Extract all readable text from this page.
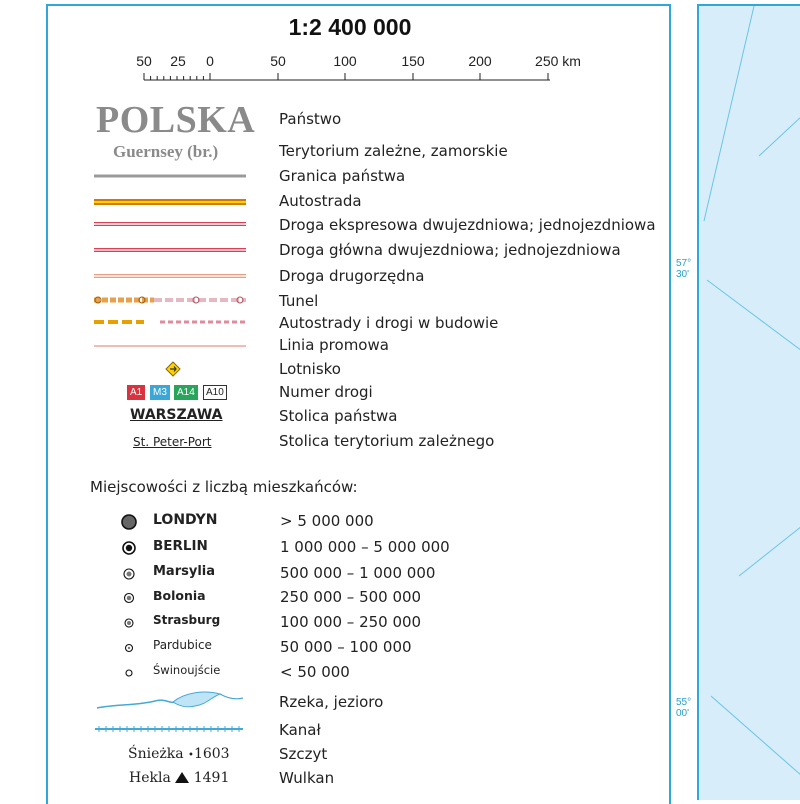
57°
30'
55°
00'
1:2 400 000
50 25 0	50	100	150	200	250 km
POLSKA Państwo
Guernsey (br.)	Terytorium zależne, zamorskie
Granica państwa
Autostrada
Droga ekspresowa dwujezdniowa; jednojezdniowa
Droga główna dwujezdniowa; jednojezdniowa
Droga drugorzędna
Tunel
Autostrady i drogi w budowie
Linia promowa
Lotnisko
A1	M3	A14	A10	Numer drogi
WARSZAWA	Stolica państwa
St. Peter-Port	Stolica terytorium zależnego
Miejscowości z liczbą mieszkańców:
LONDYN	> 5 000 000
BERLIN	1 000 000 – 5 000 000
Marsylia	500 000 – 1 000 000
Bolonia	250 000 – 500 000
Strasburg	100 000 – 250 000
Pardubice	50 000 – 100 000
Świnoujście	< 50 000
Rzeka, jezioro
Kanał
Śnieżka •1603	Szczyt
Hekla 1491	Wulkan
